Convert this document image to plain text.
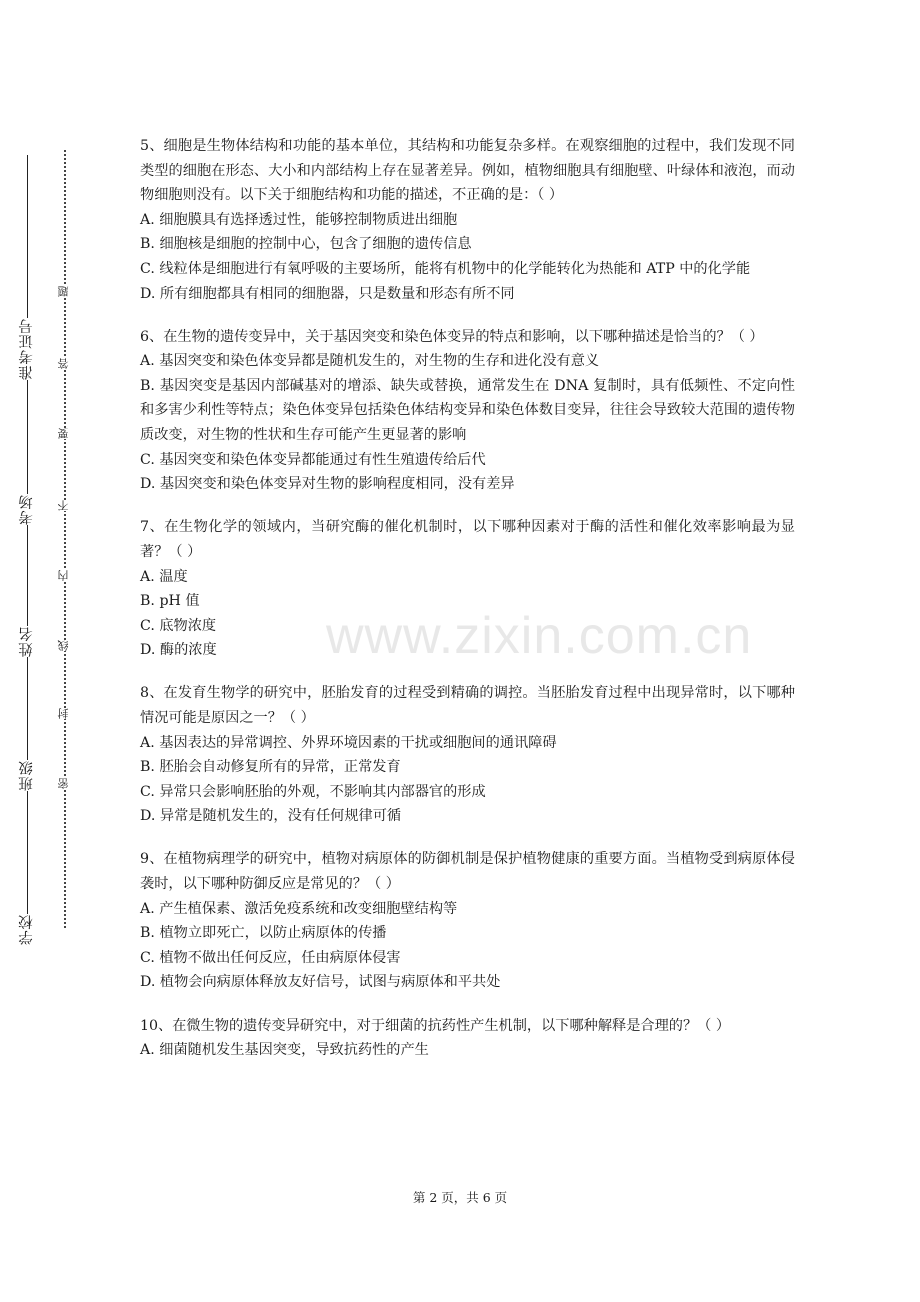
准考证号
考场
姓名
班级
学校
题
答
要
不
内
线
封
密

5、细胞是生物体结构和功能的基本单位，其结构和功能复杂多样。在观察细胞的过程中，我们发现不同类型的细胞在形态、大小和内部结构上存在显著差异。例如，植物细胞具有细胞壁、叶绿体和液泡，而动物细胞则没有。以下关于细胞结构和功能的描述，不正确的是：（ ）

A. 细胞膜具有选择透过性，能够控制物质进出细胞

B. 细胞核是细胞的控制中心，包含了细胞的遗传信息

C. 线粒体是细胞进行有氧呼吸的主要场所，能将有机物中的化学能转化为热能和 ATP 中的化学能

D. 所有细胞都具有相同的细胞器，只是数量和形态有所不同

6、在生物的遗传变异中，关于基因突变和染色体变异的特点和影响，以下哪种描述是恰当的？（ ）

A. 基因突变和染色体变异都是随机发生的，对生物的生存和进化没有意义

B. 基因突变是基因内部碱基对的增添、缺失或替换，通常发生在 DNA 复制时，具有低频性、不定向性和多害少利性等特点；染色体变异包括染色体结构变异和染色体数目变异，往往会导致较大范围的遗传物质改变，对生物的性状和生存可能产生更显著的影响

C. 基因突变和染色体变异都能通过有性生殖遗传给后代

D. 基因突变和染色体变异对生物的影响程度相同，没有差异

7、在生物化学的领域内，当研究酶的催化机制时，以下哪种因素对于酶的活性和催化效率影响最为显著？（ ）

A. 温度

B. pH 值

C. 底物浓度

D. 酶的浓度

8、在发育生物学的研究中，胚胎发育的过程受到精确的调控。当胚胎发育过程中出现异常时，以下哪种情况可能是原因之一？（ ）

A. 基因表达的异常调控、外界环境因素的干扰或细胞间的通讯障碍

B. 胚胎会自动修复所有的异常，正常发育

C. 异常只会影响胚胎的外观，不影响其内部器官的形成

D. 异常是随机发生的，没有任何规律可循

9、在植物病理学的研究中，植物对病原体的防御机制是保护植物健康的重要方面。当植物受到病原体侵袭时，以下哪种防御反应是常见的？（ ）

A. 产生植保素、激活免疫系统和改变细胞壁结构等

B. 植物立即死亡，以防止病原体的传播

C. 植物不做出任何反应，任由病原体侵害

D. 植物会向病原体释放友好信号，试图与病原体和平共处

10、在微生物的遗传变异研究中，对于细菌的抗药性产生机制，以下哪种解释是合理的？（ ）

A. 细菌随机发生基因突变，导致抗药性的产生

www.zixin.com.cn
第 2 页，共 6 页
